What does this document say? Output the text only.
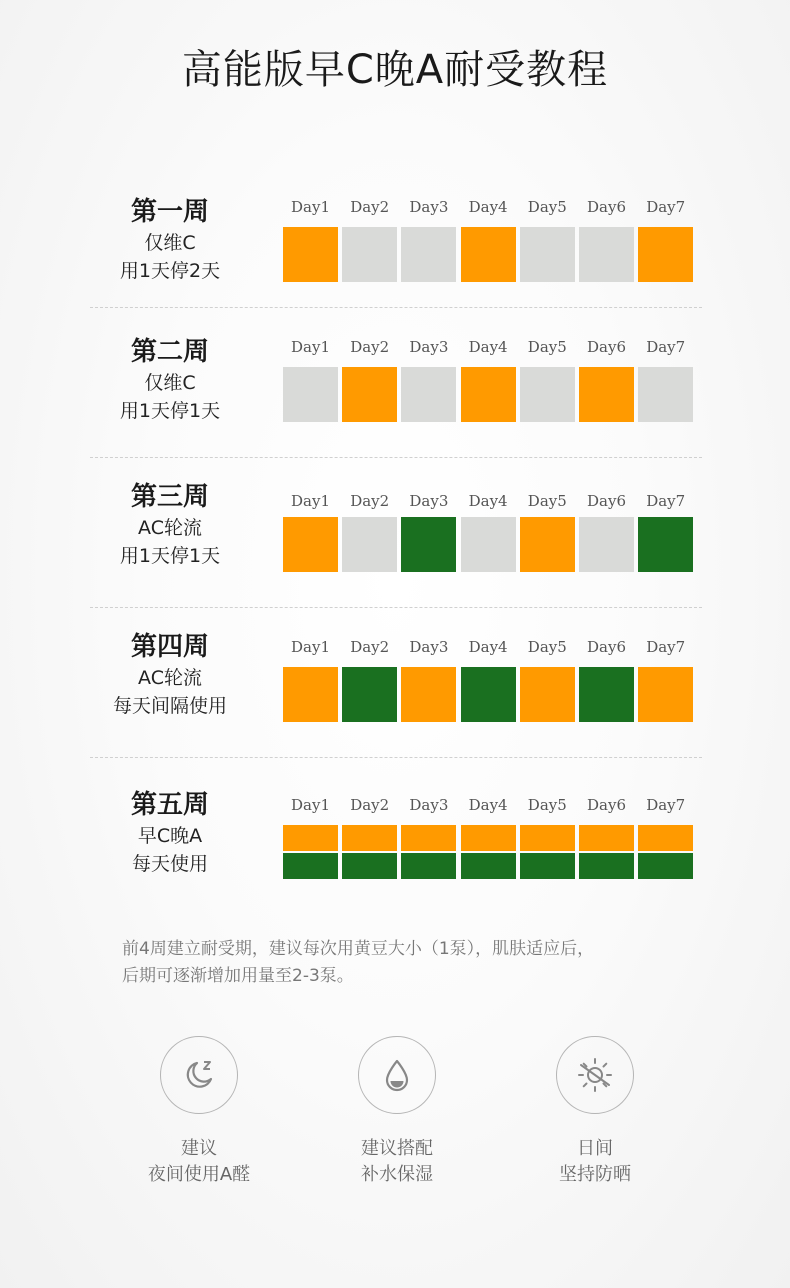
高能版早C晚A耐受教程
第一周
仅维C
用1天停2天
Day1	Day2	Day3	Day4	Day5	Day6	Day7
第二周
仅维C
用1天停1天
Day1	Day2	Day3	Day4	Day5	Day6	Day7
第三周
AC轮流
用1天停1天
Day1	Day2	Day3	Day4	Day5	Day6	Day7
第四周
AC轮流
每天间隔使用
Day1	Day2	Day3	Day4	Day5	Day6	Day7
第五周
早C晚A
每天使用
Day1	Day2	Day3	Day4	Day5	Day6	Day7
前4周建立耐受期，建议每次用黄豆大小（1泵），肌肤适应后，
后期可逐渐增加用量至2-3泵。
建议
夜间使用A醛
建议搭配
补水保湿
日间
坚持防晒
